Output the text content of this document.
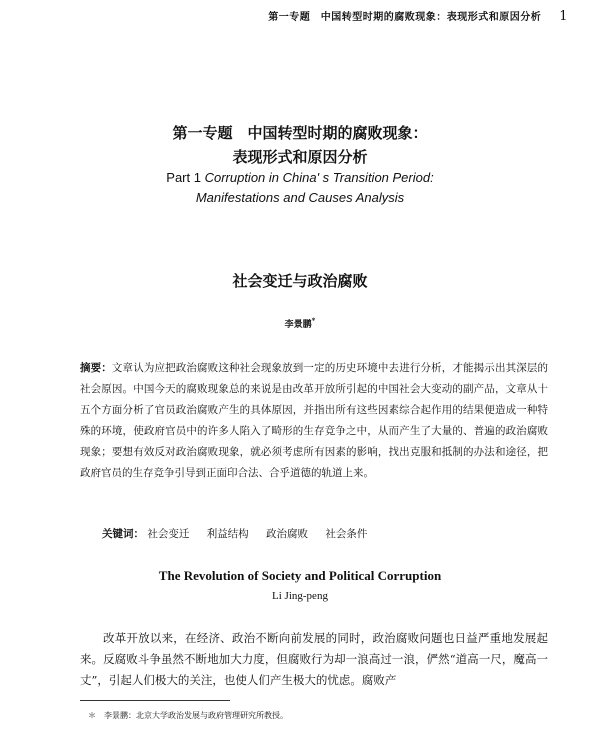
第一专题　中国转型时期的腐败现象：表现形式和原因分析 1
第一专题　中国转型时期的腐败现象：
表现形式和原因分析
Part 1 Corruption in China' s Transition Period:
Manifestations and Causes Analysis
社会变迁与政治腐败
李景鹏*
摘要：文章认为应把政治腐败这种社会现象放到一定的历史环境中去进行分析，才能揭示出其深层的社会原因。中国今天的腐败现象总的来说是由改革开放所引起的中国社会大变动的副产品，文章从十五个方面分析了官员政治腐败产生的具体原因，并指出所有这些因素综合起作用的结果便造成一种特殊的环境，使政府官员中的许多人陷入了畸形的生存竞争之中，从而产生了大量的、普遍的政治腐败现象；要想有效反对政治腐败现象，就必须考虑所有因素的影响，找出克服和抵制的办法和途径，把政府官员的生存竞争引导到正面印合法、合乎道德的轨道上来。
关键词： 社会变迁 利益结构 政治腐败 社会条件
The Revolution of Society and Political Corruption
Li Jing-peng
改革开放以来，在经济、政治不断向前发展的同时，政治腐败问题也日益严重地发展起来。反腐败斗争虽然不断地加大力度，但腐败行为却一浪高过一浪，俨然“道高一尺，魔高一丈”，引起人们极大的关注，也使人们产生极大的忧虑。腐败产
＊　李景鹏：北京大学政治发展与政府管理研究所教授。
